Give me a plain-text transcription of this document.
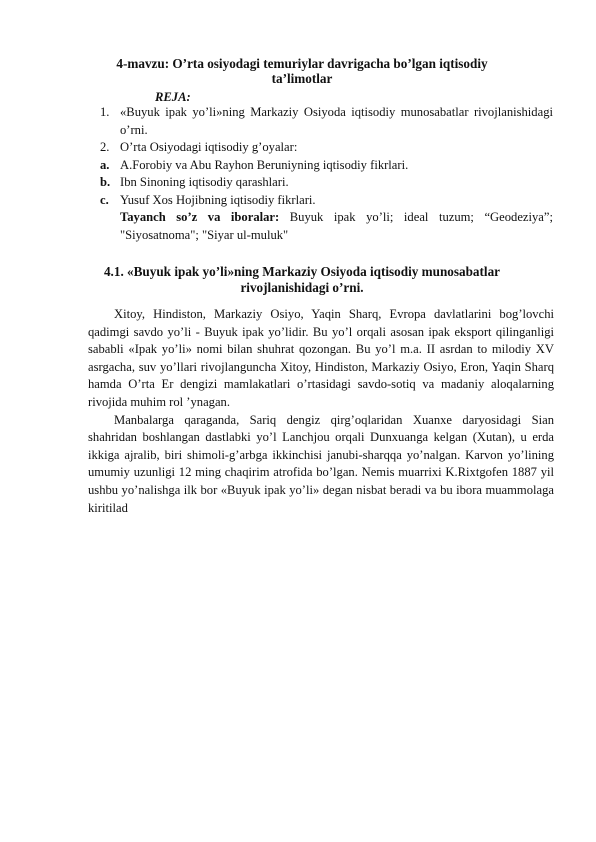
4-mavzu: O’rta osiyodagi temuriylar davrigacha bo’lgan iqtisodiy
ta’limotlar
REJA:
1. «Buyuk ipak yo’li»ning Markaziy Osiyoda iqtisodiy munosabatlar rivojlanishidagi o’rni.
2. O’rta Osiyodagi iqtisodiy g’oyalar:
a. A.Forobiy va Abu Rayhon Beruniyning iqtisodiy fikrlari.
b. Ibn Sinoning iqtisodiy qarashlari.
c. Yusuf Xos Hojibning iqtisodiy fikrlari.
Tayanch so’z va iboralar: Buyuk ipak yo’li; ideal tuzum; “Geodeziya”; "Siyosatnoma"; "Siyar ul-muluk"
4.1. «Buyuk ipak yo’li»ning Markaziy Osiyoda iqtisodiy munosabatlar
rivojlanishidagi o’rni.

Xitoy, Hindiston, Markaziy Osiyo, Yaqin Sharq, Evropa davlatlarini bog’lovchi qadimgi savdo yo’li - Buyuk ipak yo’lidir. Bu yo’l orqali asosan ipak eksport qilinganligi sababli «Ipak yo’li» nomi bilan shuhrat qozongan. Bu yo’l m.a. II asrdan to milodiy XV asrgacha, suv yo’llari rivojlanguncha Xitoy, Hindiston, Markaziy Osiyo, Eron, Yaqin Sharq hamda O’rta Er dengizi mamlakatlari o’rtasidagi savdo-sotiq va madaniy aloqalarning rivojida muhim rol ’ynagan.

Manbalarga qaraganda, Sariq dengiz qirg’oqlaridan Xuanxe daryosidagi Sian shahridan boshlangan dastlabki yo’l Lanchjou orqali Dunxuanga kelgan (Xutan), u erda ikkiga ajralib, biri shimoli-g’arbga ikkinchisi janubi-sharqqa yo’nalgan. Karvon yo’lining umumiy uzunligi 12 ming chaqirim atrofida bo’lgan. Nemis muarrixi K.Rixtgofen 1887 yil ushbu yo’nalishga ilk bor «Buyuk ipak yo’li» degan nisbat beradi va bu ibora muammolaga kiritilad
